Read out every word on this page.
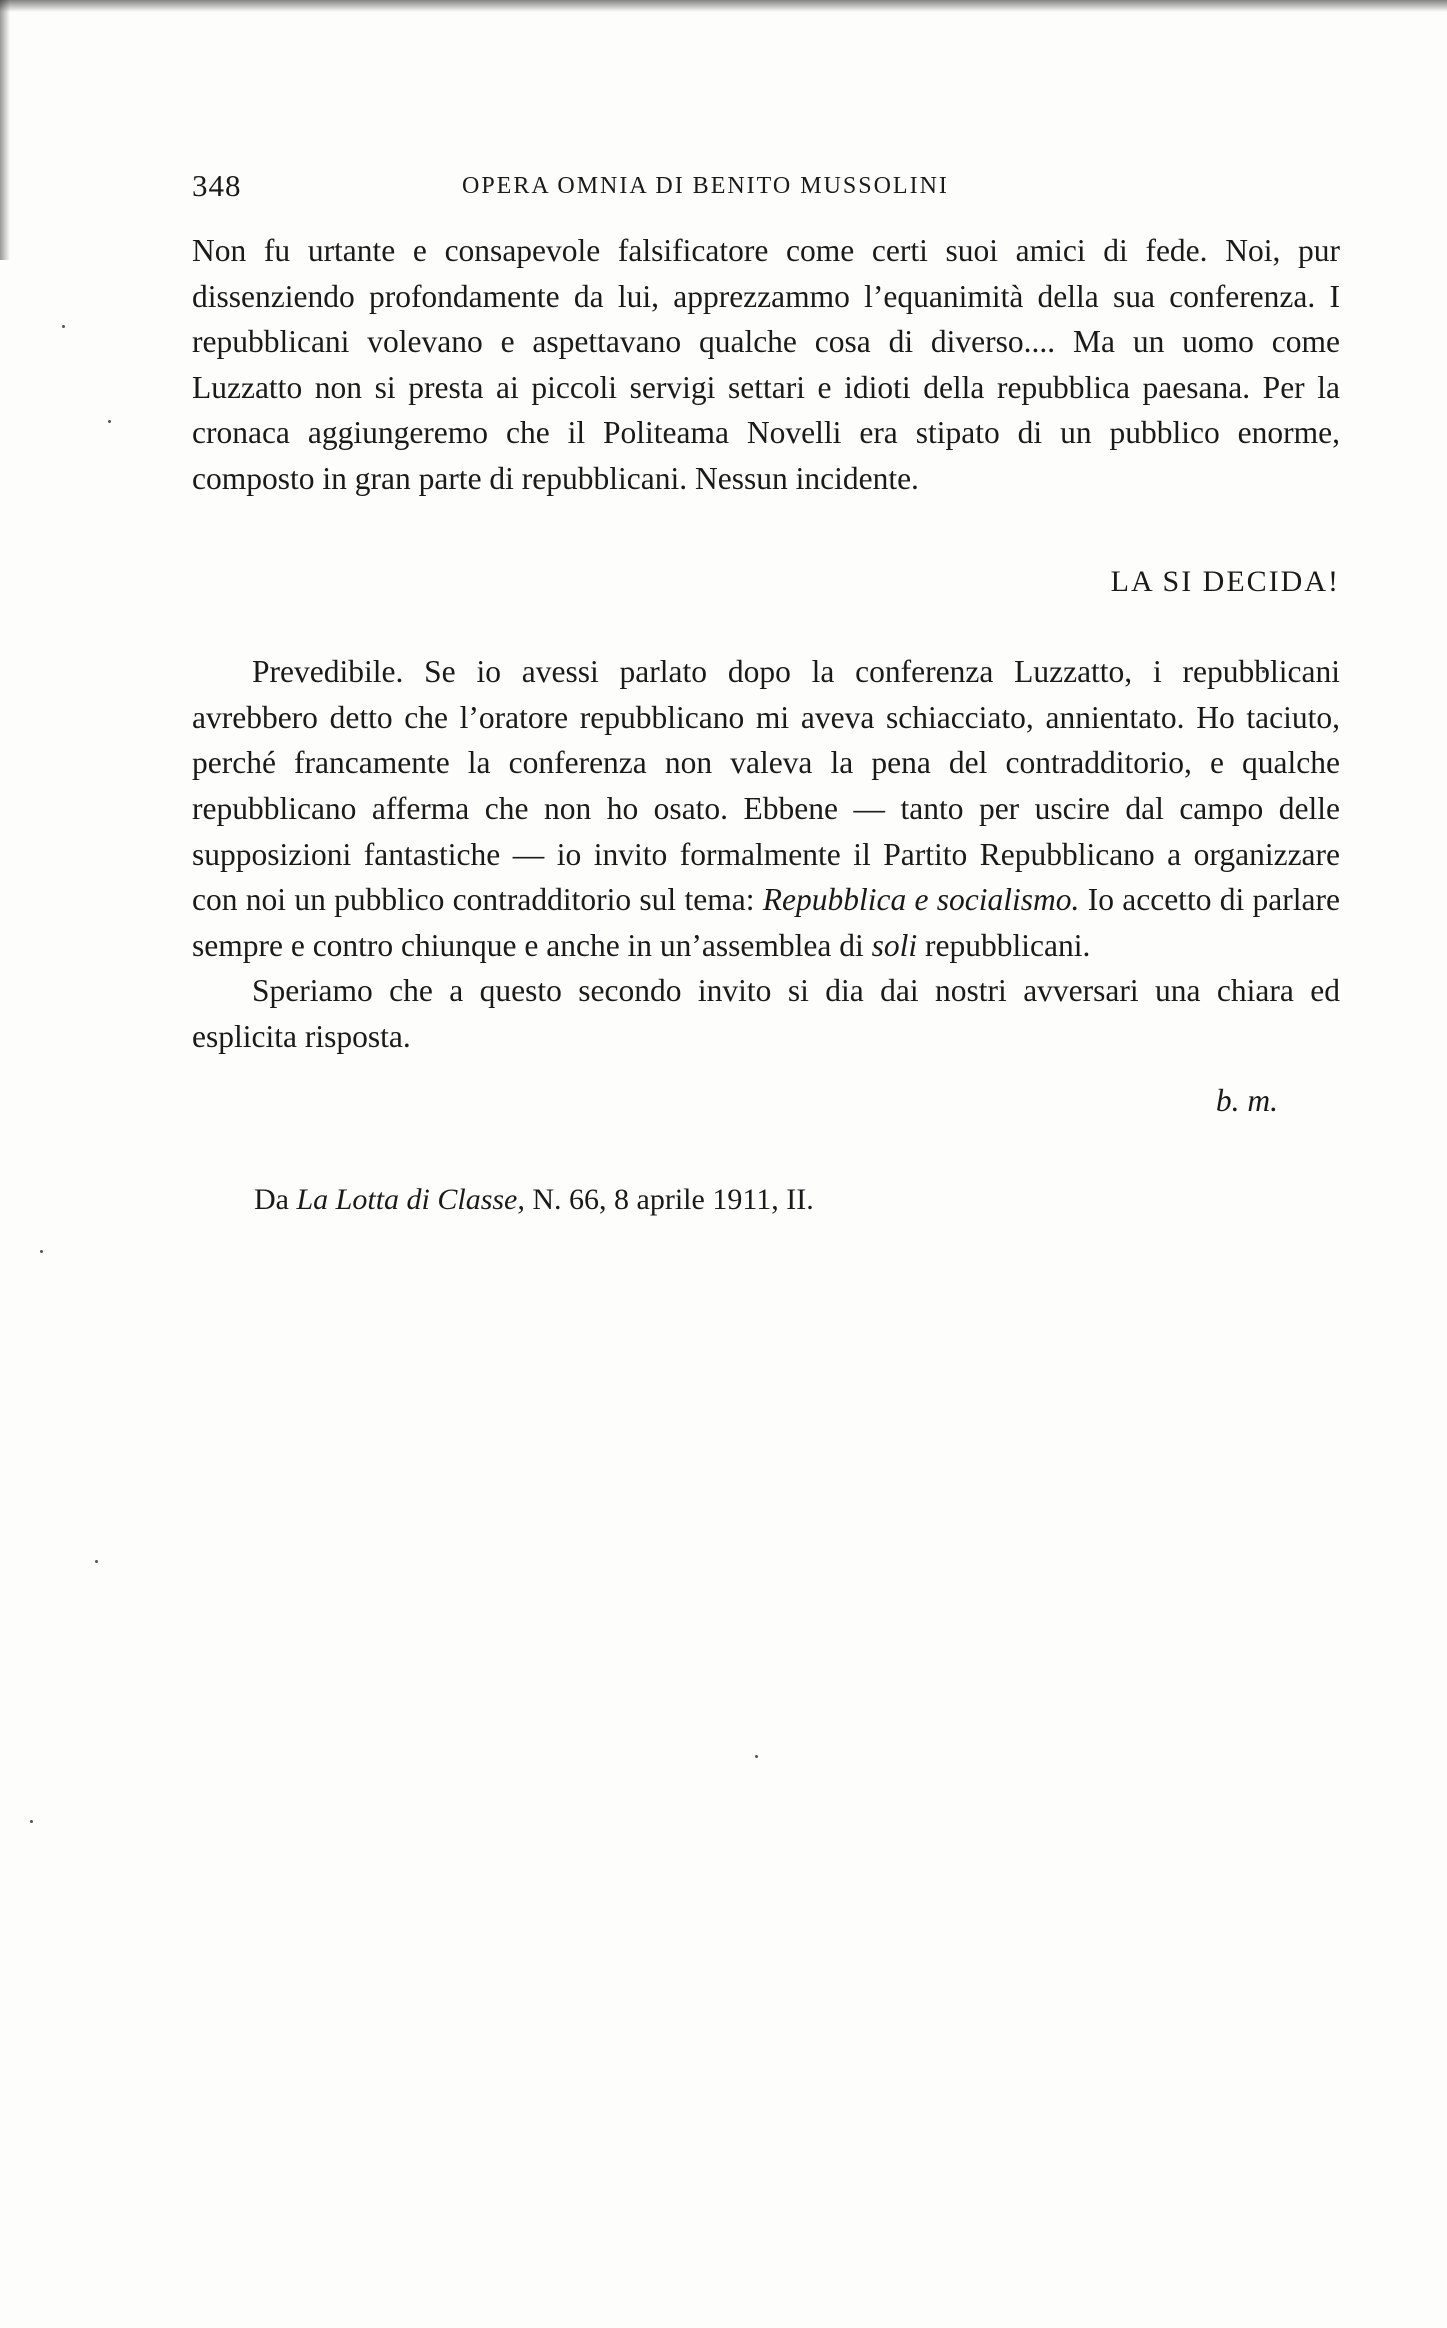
348	OPERA OMNIA DI BENITO MUSSOLINI

Non fu urtante e consapevole falsificatore come certi suoi amici di fede. Noi, pur dissenziendo profondamente da lui, apprezzammo l’equanimità della sua conferenza. I repubblicani volevano e aspettavano qualche cosa di diverso.... Ma un uomo come Luzzatto non si presta ai piccoli servigi settari e idioti della repubblica paesana. Per la cronaca aggiungeremo che il Politeama Novelli era stipato di un pubblico enorme, composto in gran parte di repubblicani. Nessun incidente.

LA SI DECIDA!

Prevedibile. Se io avessi parlato dopo la conferenza Luzzatto, i repubblicani avrebbero detto che l’oratore repubblicano mi aveva schiacciato, annientato. Ho taciuto, perché francamente la conferenza non valeva la pena del contradditorio, e qualche repubblicano afferma che non ho osato. Ebbene — tanto per uscire dal campo delle supposizioni fantastiche — io invito formalmente il Partito Repubblicano a organizzare con noi un pubblico contradditorio sul tema: Repubblica e socialismo. Io accetto di parlare sempre e contro chiunque e anche in un’assemblea di soli repubblicani.

Speriamo che a questo secondo invito si dia dai nostri avversari una chiara ed esplicita risposta.

b. m.

Da La Lotta di Classe, N. 66, 8 aprile 1911, II.
